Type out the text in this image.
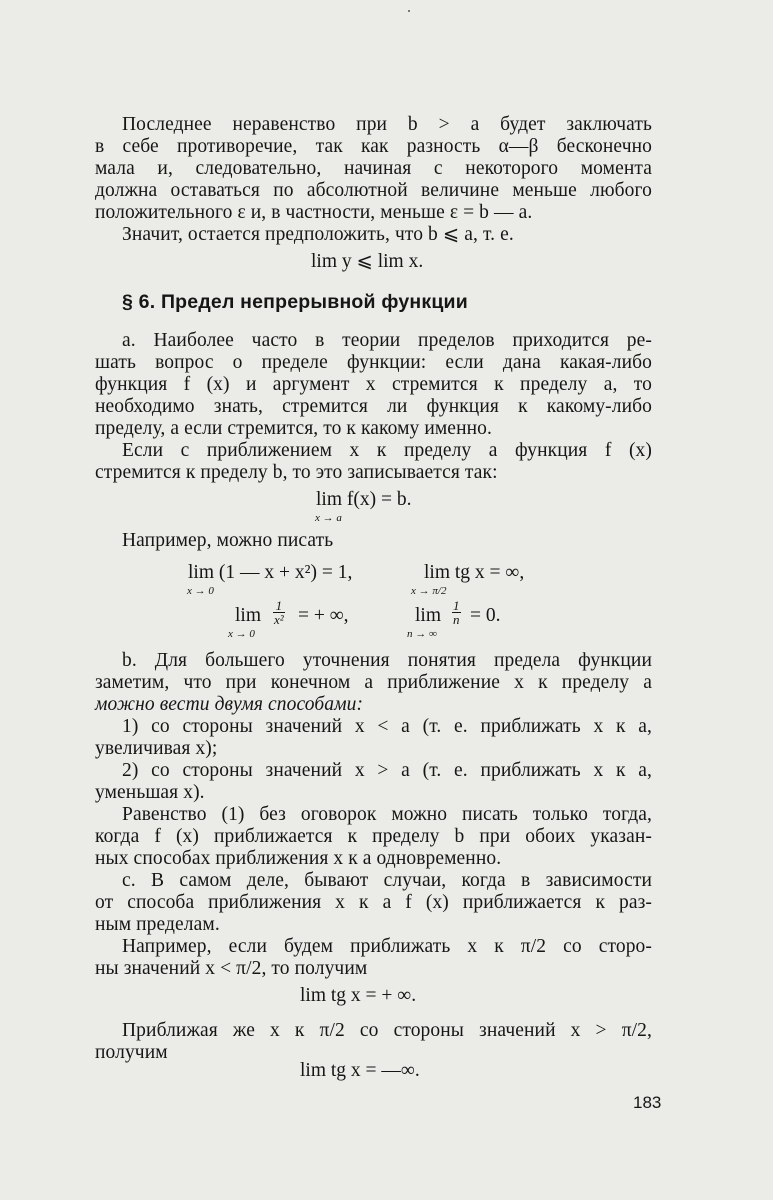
Последнее неравенство при b > a будет заключать
в себе противоречие, так как разность α—β бесконечно
мала и, следовательно, начиная с некоторого момента
должна оставаться по абсолютной величине меньше любого
положительного ε и, в частности, меньше ε = b — a.
Значит, остается предположить, что b ⩽ a, т. е.
lim y ⩽ lim x.
§ 6. Предел непрерывной функции
a. Наиболее часто в теории пределов приходится ре-
шать вопрос о пределе функции: если дана какая-либо
функция f (x) и аргумент x стремится к пределу a, то
необходимо знать, стремится ли функция к какому-либо
пределу, а если стремится, то к какому именно.
Если с приближением x к пределу a функция f (x)
стремится к пределу b, то это записывается так:
lim f(x) = b.
x → a
Например, можно писать
lim (1 — x + x²) = 1,
x → 0
lim tg x = ∞,
x → π/2
$\lim \frac{1}{\text{x²}}$ = + ∞,
x → 0
$\lim \frac{1}{n} = 0$.
n → ∞
b. Для большего уточнения понятия предела функции
заметим, что при конечном a приближение x к пределу a
можно вести двумя способами:
1) со стороны значений x < a (т. е. приближать x к a,
увеличивая x);
2) со стороны значений x > a (т. е. приближать x к a,
уменьшая x).
Равенство (1) без оговорок можно писать только тогда,
когда f (x) приближается к пределу b при обоих указан-
ных способах приближения x к a одновременно.
c. В самом деле, бывают случаи, когда в зависимости
от способа приближения x к a f (x) приближается к раз-
ным пределам.
Например, если будем приближать x к π/2 со сторо-
ны значений x < π/2, то получим
lim tg x = + ∞.
Приближая же x к π/2 со стороны значений x > π/2,
получим
lim tg x = —∞.
183
